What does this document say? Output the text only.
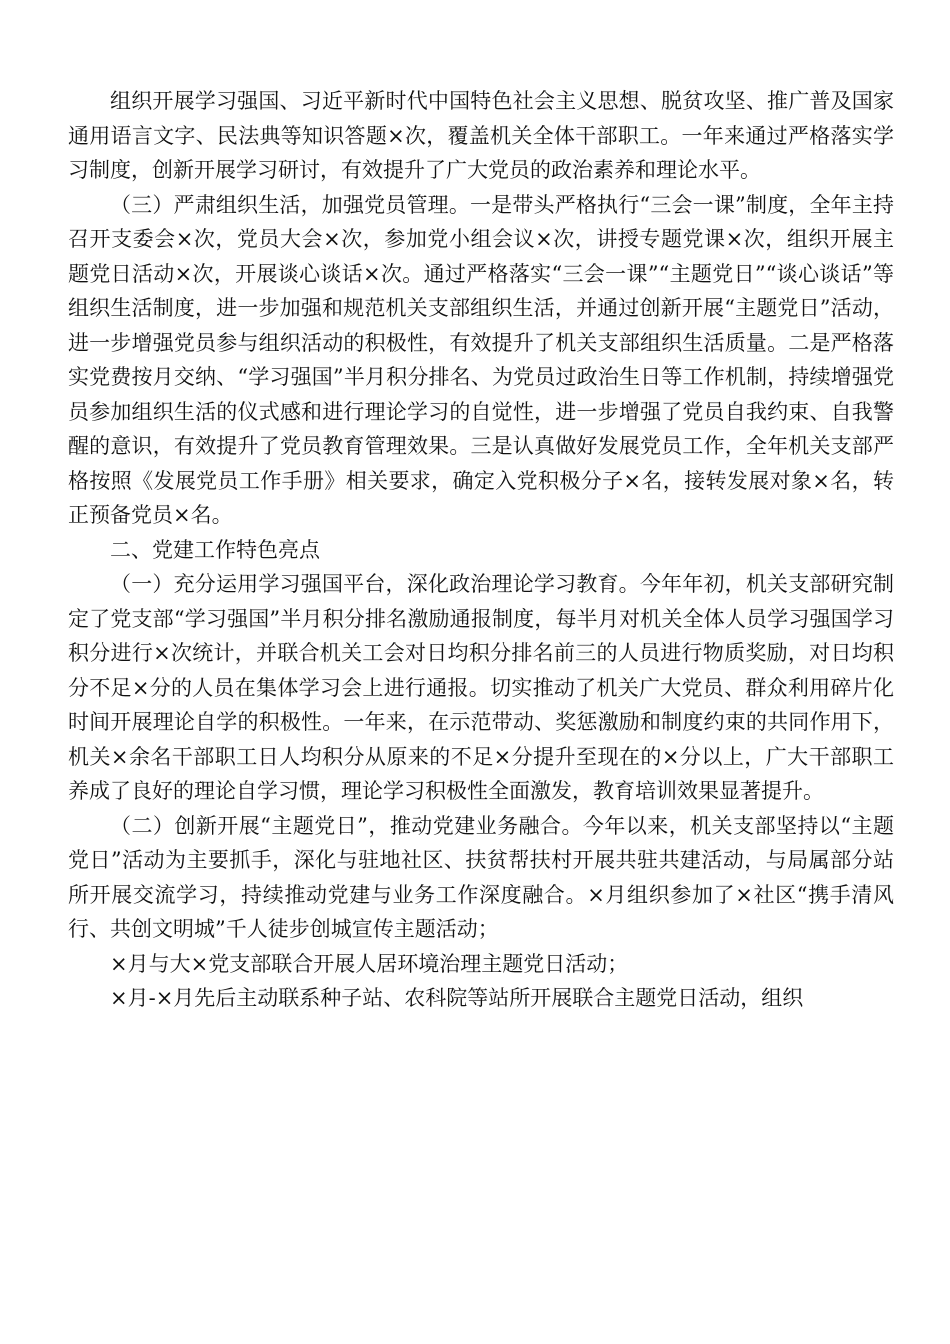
组织开展学习强国、习近平新时代中国特色社会主义思想、脱贫攻坚、推广普及国家通用语言文字、民法典等知识答题×次，覆盖机关全体干部职工。一年来通过严格落实学习制度，创新开展学习研讨，有效提升了广大党员的政治素养和理论水平。

（三）严肃组织生活，加强党员管理。一是带头严格执行“三会一课”制度，全年主持召开支委会×次，党员大会×次，参加党小组会议×次，讲授专题党课×次，组织开展主题党日活动×次，开展谈心谈话×次。通过严格落实“三会一课”“主题党日”“谈心谈话”等组织生活制度，进一步加强和规范机关支部组织生活，并通过创新开展“主题党日”活动，进一步增强党员参与组织活动的积极性，有效提升了机关支部组织生活质量。二是严格落实党费按月交纳、“学习强国”半月积分排名、为党员过政治生日等工作机制，持续增强党员参加组织生活的仪式感和进行理论学习的自觉性，进一步增强了党员自我约束、自我警醒的意识，有效提升了党员教育管理效果。三是认真做好发展党员工作，全年机关支部严格按照《发展党员工作手册》相关要求，确定入党积极分子×名，接转发展对象×名，转正预备党员×名。

二、党建工作特色亮点

（一）充分运用学习强国平台，深化政治理论学习教育。今年年初，机关支部研究制定了党支部“学习强国”半月积分排名激励通报制度，每半月对机关全体人员学习强国学习积分进行×次统计，并联合机关工会对日均积分排名前三的人员进行物质奖励，对日均积分不足×分的人员在集体学习会上进行通报。切实推动了机关广大党员、群众利用碎片化时间开展理论自学的积极性。一年来，在示范带动、奖惩激励和制度约束的共同作用下，机关×余名干部职工日人均积分从原来的不足×分提升至现在的×分以上，广大干部职工养成了良好的理论自学习惯，理论学习积极性全面激发，教育培训效果显著提升。

（二）创新开展“主题党日”，推动党建业务融合。今年以来，机关支部坚持以“主题党日”活动为主要抓手，深化与驻地社区、扶贫帮扶村开展共驻共建活动，与局属部分站所开展交流学习，持续推动党建与业务工作深度融合。×月组织参加了×社区“携手清风行、共创文明城”千人徒步创城宣传主题活动；

×月与大×党支部联合开展人居环境治理主题党日活动；

×月-×月先后主动联系种子站、农科院等站所开展联合主题党日活动，组织
